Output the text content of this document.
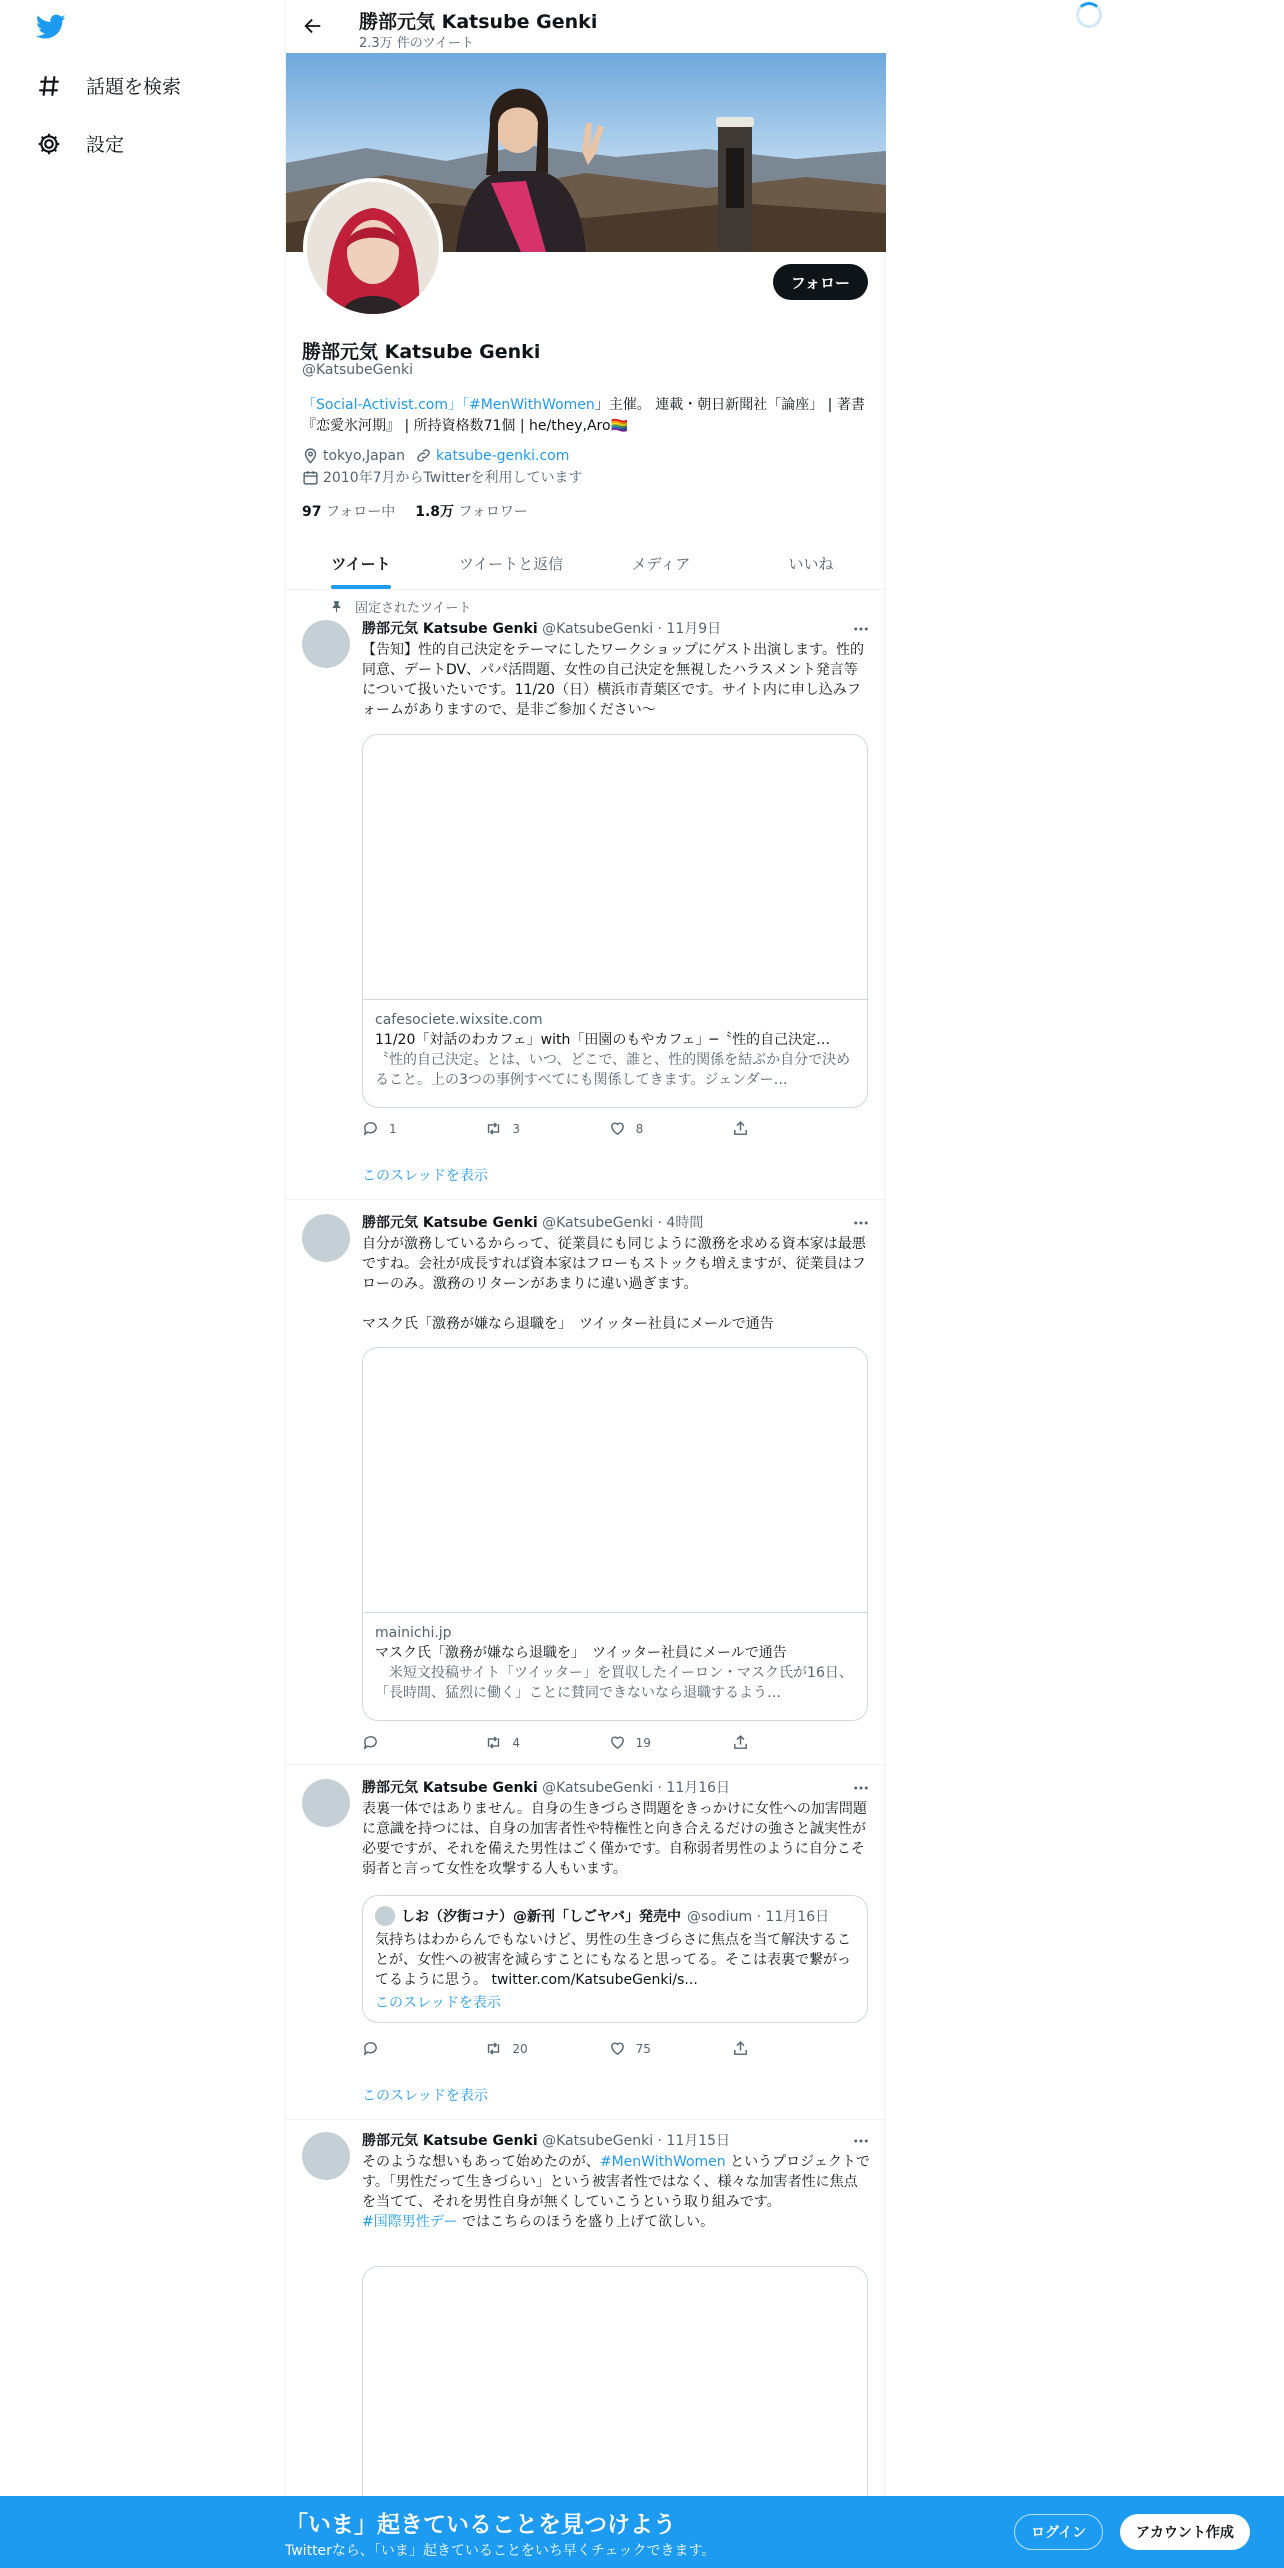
話題を検索
設定
勝部元気 Katsube Genki
2.3万 件のツイート
フォロー
勝部元気 Katsube Genki
@KatsubeGenki
「Social-Activist.com」「#MenWithWomen」主催。 連載・朝日新聞社「論座」 | 著書『恋愛氷河期』 | 所持資格数71個 | he/they,Aro🏳️‍🌈
tokyo,Japan katsube-genki.com
2010年7月からTwitterを利用しています
97 フォロー中 1.8万 フォロワー
ツイート	ツイートと返信	メディア	いいね
固定されたツイート
勝部元気 Katsube Genki @KatsubeGenki · 11月9日
【告知】性的自己決定をテーマにしたワークショップにゲスト出演します。性的同意、デートDV、パパ活問題、女性の自己決定を無視したハラスメント発言等について扱いたいです。11/20（日）横浜市青葉区です。サイト内に申し込みフォームがありますので、是非ご参加ください〜
cafesociete.wixsite.com
11/20「対話のわカフェ」with「田園のもやカフェ」─〝性的自己決定…
〝性的自己決定〟とは、いつ、どこで、誰と、性的関係を結ぶか自分で決めること。上の3つの事例すべてにも関係してきます。ジェンダー…
1	3	8
このスレッドを表示
勝部元気 Katsube Genki @KatsubeGenki · 4時間
自分が激務しているからって、従業員にも同じように激務を求める資本家は最悪ですね。会社が成長すれば資本家はフローもストックも増えますが、従業員はフローのみ。激務のリターンがあまりに違い過ぎます。
マスク氏「激務が嫌なら退職を」　ツイッター社員にメールで通告
mainichi.jp
マスク氏「激務が嫌なら退職を」　ツイッター社員にメールで通告
　米短文投稿サイト「ツイッター」を買収したイーロン・マスク氏が16日、「長時間、猛烈に働く」ことに賛同できないなら退職するよう…
4	19
勝部元気 Katsube Genki @KatsubeGenki · 11月16日
表裏一体ではありません。自身の生きづらさ問題をきっかけに女性への加害問題に意識を持つには、自身の加害者性や特権性と向き合えるだけの強さと誠実性が必要ですが、それを備えた男性はごく僅かです。自称弱者男性のように自分こそ弱者と言って女性を攻撃する人もいます。
しお（汐街コナ）@新刊「しごヤバ」発売中 @sodium · 11月16日
気持ちはわからんでもないけど、男性の生きづらさに焦点を当て解決することが、女性への被害を減らすことにもなると思ってる。そこは表裏で繋がってるように思う。 twitter.com/KatsubeGenki/s...
このスレッドを表示
20	75
このスレッドを表示
勝部元気 Katsube Genki @KatsubeGenki · 11月15日
そのような想いもあって始めたのが、#MenWithWomen というプロジェクトです。「男性だって生きづらい」という被害者性ではなく、様々な加害者性に焦点を当てて、それを男性自身が無くしていこうという取り組みです。
#国際男性デー ではこちらのほうを盛り上げて欲しい。
「いま」起きていることを見つけよう
Twitterなら、「いま」起きていることをいち早くチェックできます。
ログイン	アカウント作成
